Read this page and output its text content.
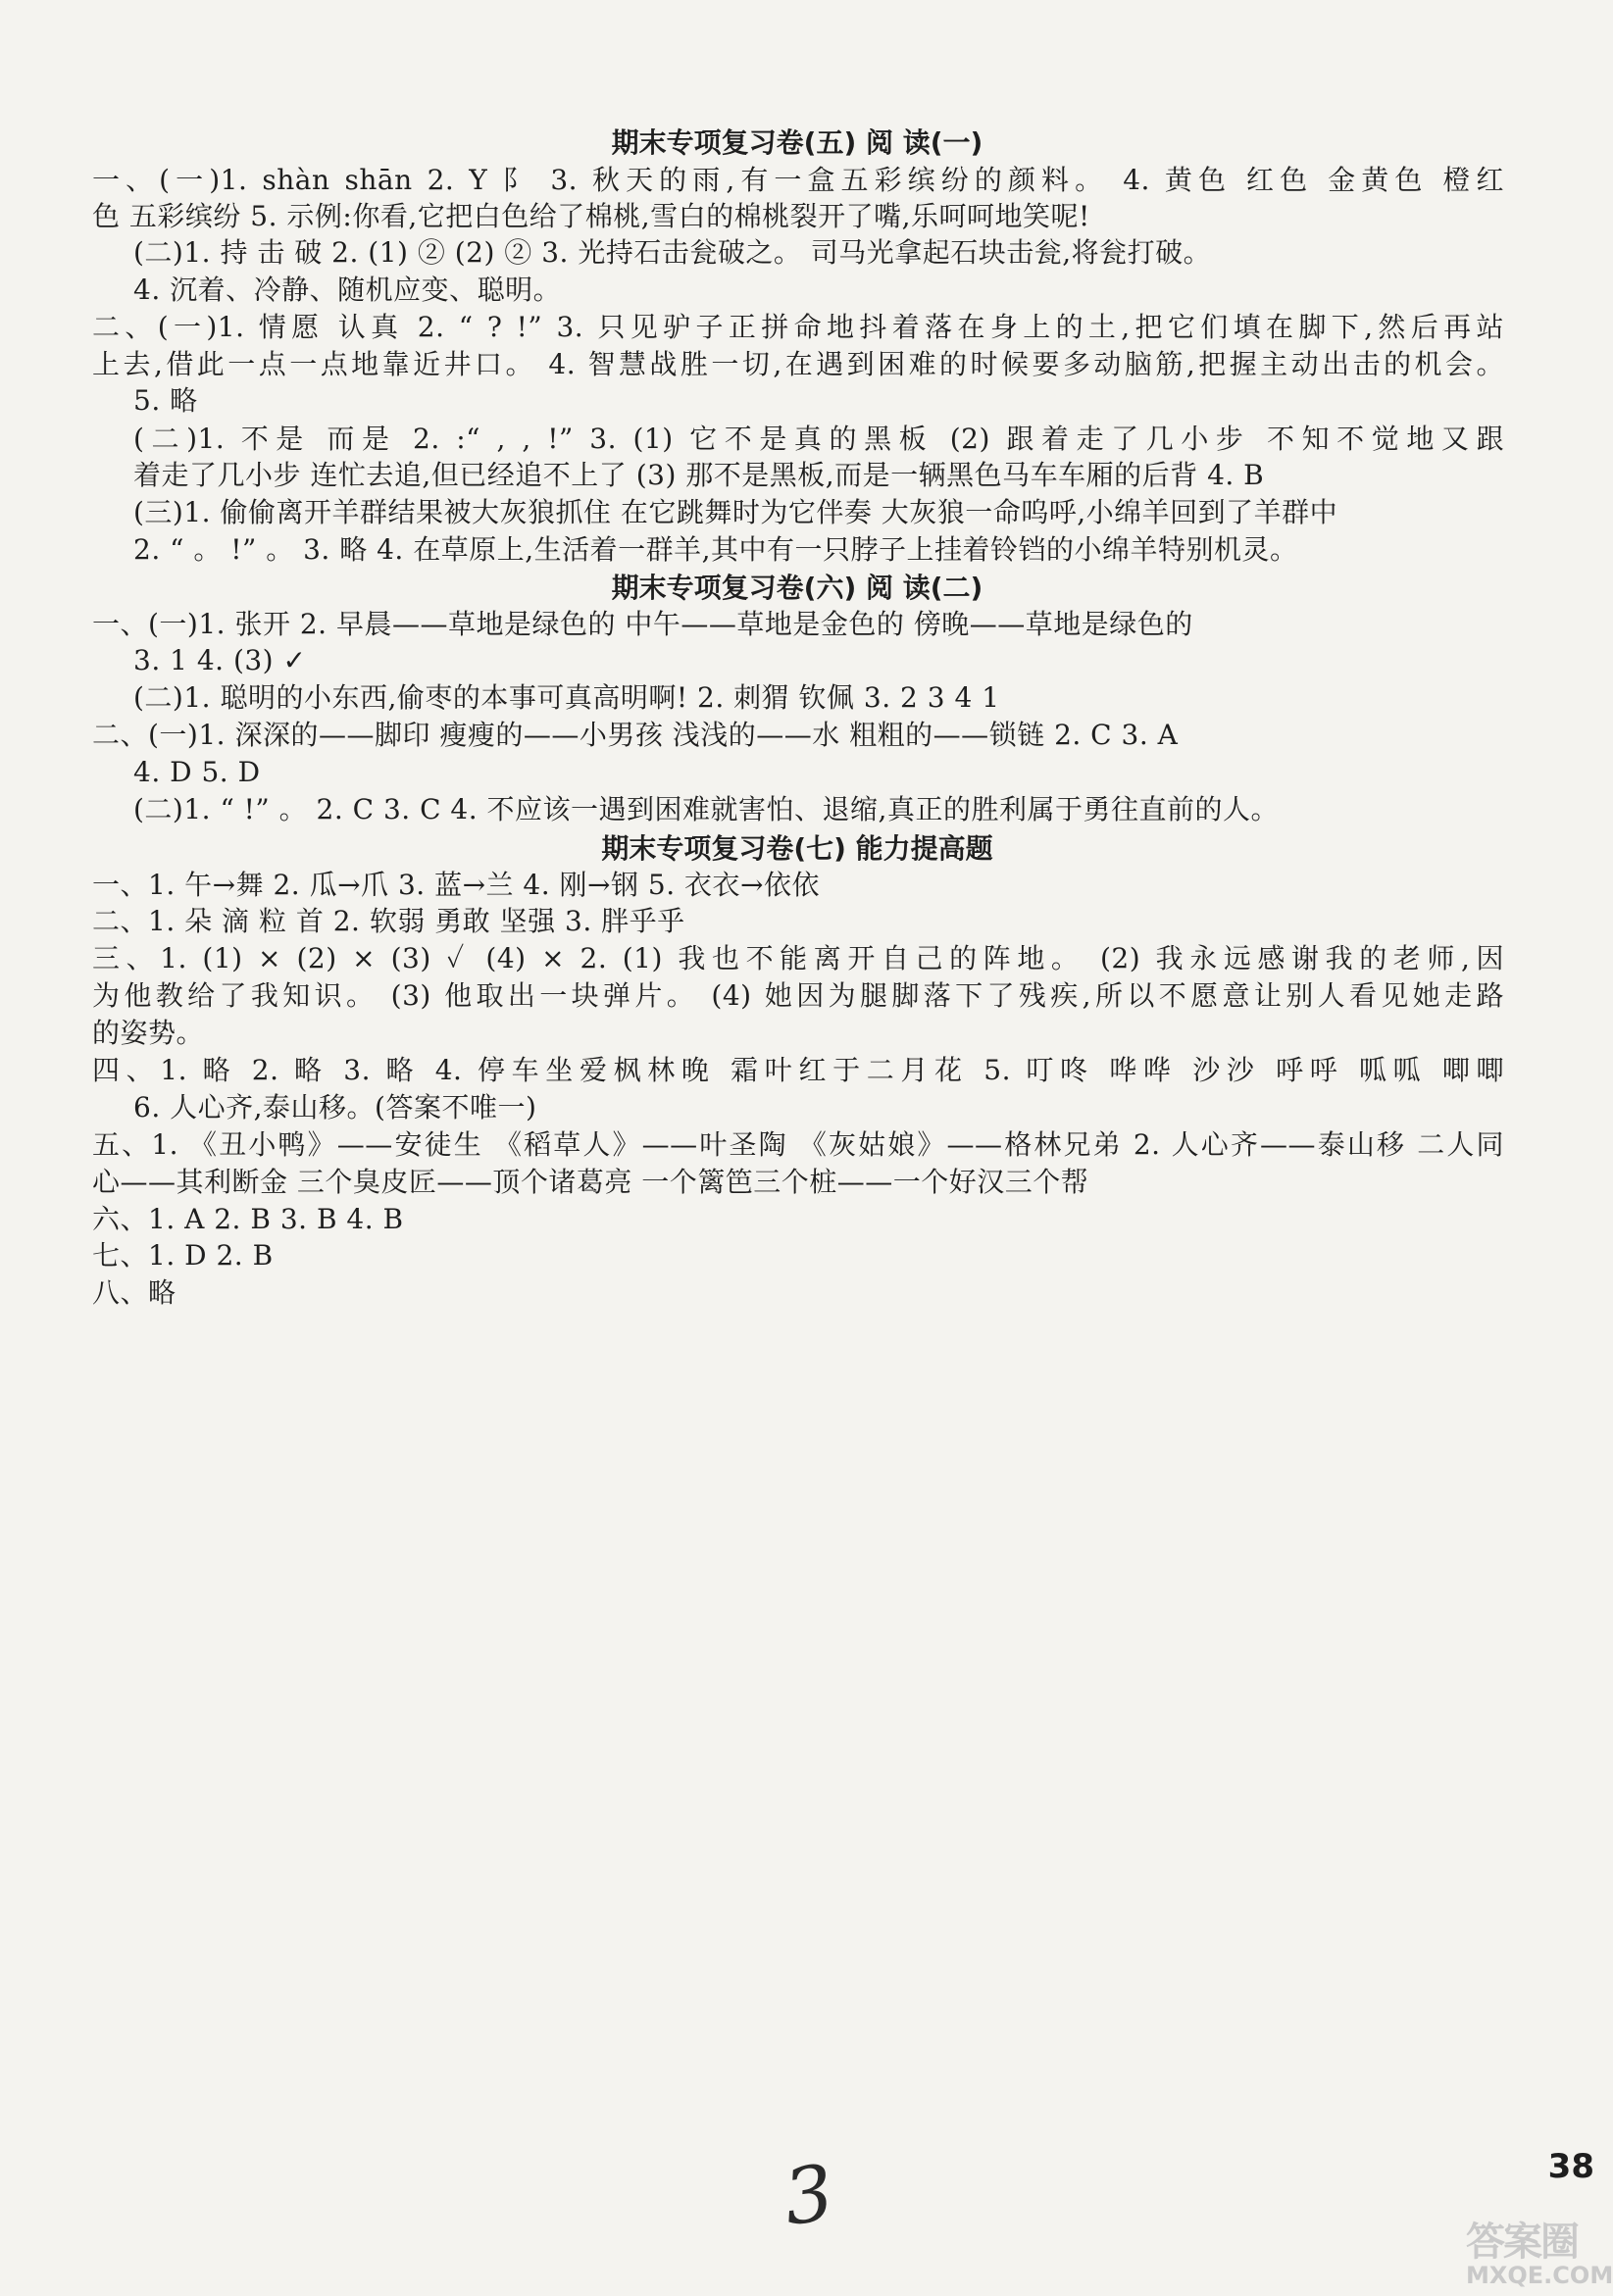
期末专项复习卷(五) 阅 读(一)
一、(一)1. shàn shān 2. Y 阝 3. 秋天的雨,有一盒五彩缤纷的颜料。 4. 黄色 红色 金黄色 橙红
色 五彩缤纷 5. 示例:你看,它把白色给了棉桃,雪白的棉桃裂开了嘴,乐呵呵地笑呢!
(二)1. 持 击 破 2. (1) ② (2) ② 3. 光持石击瓮破之。 司马光拿起石块击瓮,将瓮打破。
4. 沉着、冷静、随机应变、聪明。
二、(一)1. 情愿 认真 2. “ ? !” 3. 只见驴子正拼命地抖着落在身上的土,把它们填在脚下,然后再站
上去,借此一点一点地靠近井口。 4. 智慧战胜一切,在遇到困难的时候要多动脑筋,把握主动出击的机会。
5. 略
(二)1. 不是 而是 2. :“ , , !” 3. (1) 它不是真的黑板 (2) 跟着走了几小步 不知不觉地又跟
着走了几小步 连忙去追,但已经追不上了 (3) 那不是黑板,而是一辆黑色马车车厢的后背 4. B
(三)1. 偷偷离开羊群结果被大灰狼抓住 在它跳舞时为它伴奏 大灰狼一命呜呼,小绵羊回到了羊群中
2. “ 。 !” 。 3. 略 4. 在草原上,生活着一群羊,其中有一只脖子上挂着铃铛的小绵羊特别机灵。
期末专项复习卷(六) 阅 读(二)
一、(一)1. 张开 2. 早晨——草地是绿色的 中午——草地是金色的 傍晚——草地是绿色的
3. 1 4. (3) ✓
(二)1. 聪明的小东西,偷枣的本事可真高明啊! 2. 刺猬 钦佩 3. 2 3 4 1
二、(一)1. 深深的——脚印 瘦瘦的——小男孩 浅浅的——水 粗粗的——锁链 2. C 3. A
4. D 5. D
(二)1. “ !” 。 2. C 3. C 4. 不应该一遇到困难就害怕、退缩,真正的胜利属于勇往直前的人。
期末专项复习卷(七) 能力提高题
一、1. 午→舞 2. 瓜→爪 3. 蓝→兰 4. 刚→钢 5. 衣衣→依依
二、1. 朵 滴 粒 首 2. 软弱 勇敢 坚强 3. 胖乎乎
三、1. (1) × (2) × (3) ✓ (4) × 2. (1) 我也不能离开自己的阵地。 (2) 我永远感谢我的老师,因
为他教给了我知识。 (3) 他取出一块弹片。 (4) 她因为腿脚落下了残疾,所以不愿意让别人看见她走路
的姿势。
四、1. 略 2. 略 3. 略 4. 停车坐爱枫林晚 霜叶红于二月花 5. 叮咚 哗哗 沙沙 呼呼 呱呱 唧唧
6. 人心齐,泰山移。(答案不唯一)
五、1. 《丑小鸭》——安徒生 《稻草人》——叶圣陶 《灰姑娘》——格林兄弟 2. 人心齐——泰山移 二人同
心——其利断金 三个臭皮匠——顶个诸葛亮 一个篱笆三个桩——一个好汉三个帮
六、1. A 2. B 3. B 4. B
七、1. D 2. B
八、略
38
3	答案圈
MXQE.COM
